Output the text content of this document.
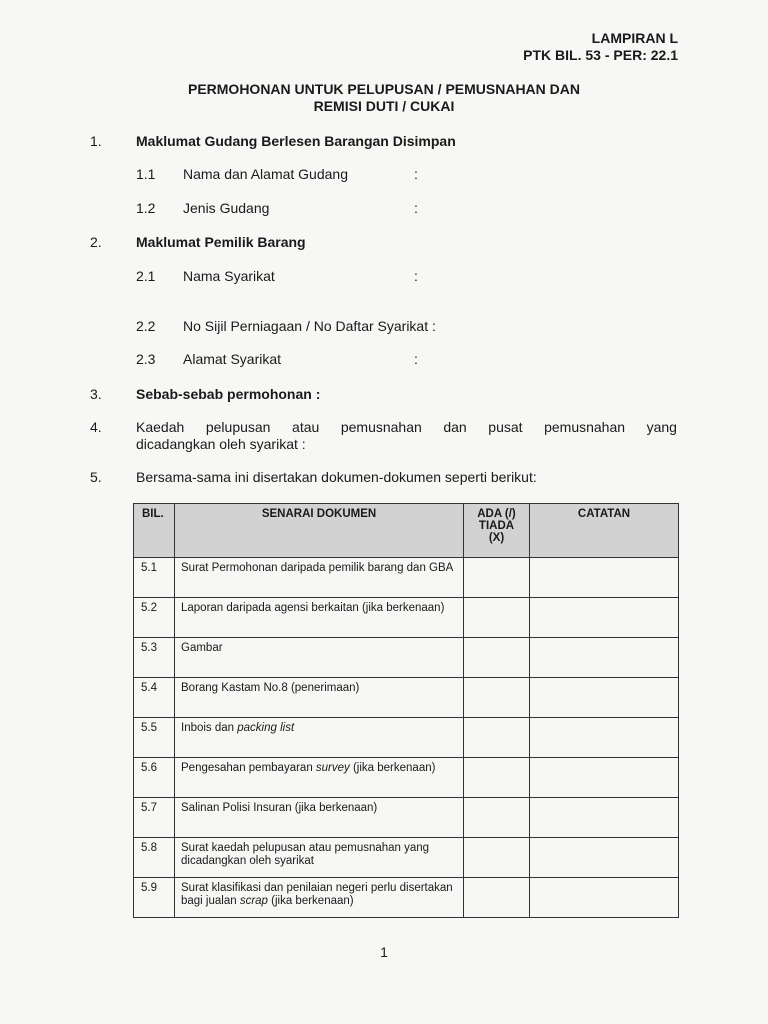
LAMPIRAN L
PTK BIL. 53 - PER: 22.1
PERMOHONAN UNTUK PELUPUSAN / PEMUSNAHAN DAN
REMISI DUTI / CUKAI
1. Maklumat Gudang Berlesen Barangan Disimpan
1.1 Nama dan Alamat Gudang	:
1.2 Jenis Gudang	:
2. Maklumat Pemilik Barang
2.1 Nama Syarikat	:
2.2 No Sijil Perniagaan / No Daftar Syarikat :
2.3 Alamat Syarikat	:
3. Sebab-sebab permohonan :
4. Kaedah pelupusan atau pemusnahan dan pusat pemusnahan yang
dicadangkan oleh syarikat :
5. Bersama-sama ini disertakan dokumen-dokumen seperti berikut:
BIL.	SENARAI DOKUMEN	ADA (/)
TIADA
(X)	CATATAN
5.1	Surat Permohonan daripada pemilik barang dan GBA		
5.2	Laporan daripada agensi berkaitan (jika berkenaan)		
5.3	Gambar		
5.4	Borang Kastam No.8 (penerimaan)		
5.5	Inbois dan packing list		
5.6	Pengesahan pembayaran survey (jika berkenaan)		
5.7	Salinan Polisi Insuran (jika berkenaan)		
5.8	Surat kaedah pelupusan atau pemusnahan yang dicadangkan oleh syarikat		
5.9	Surat klasifikasi dan penilaian negeri perlu disertakan bagi jualan scrap (jika berkenaan)		
1
